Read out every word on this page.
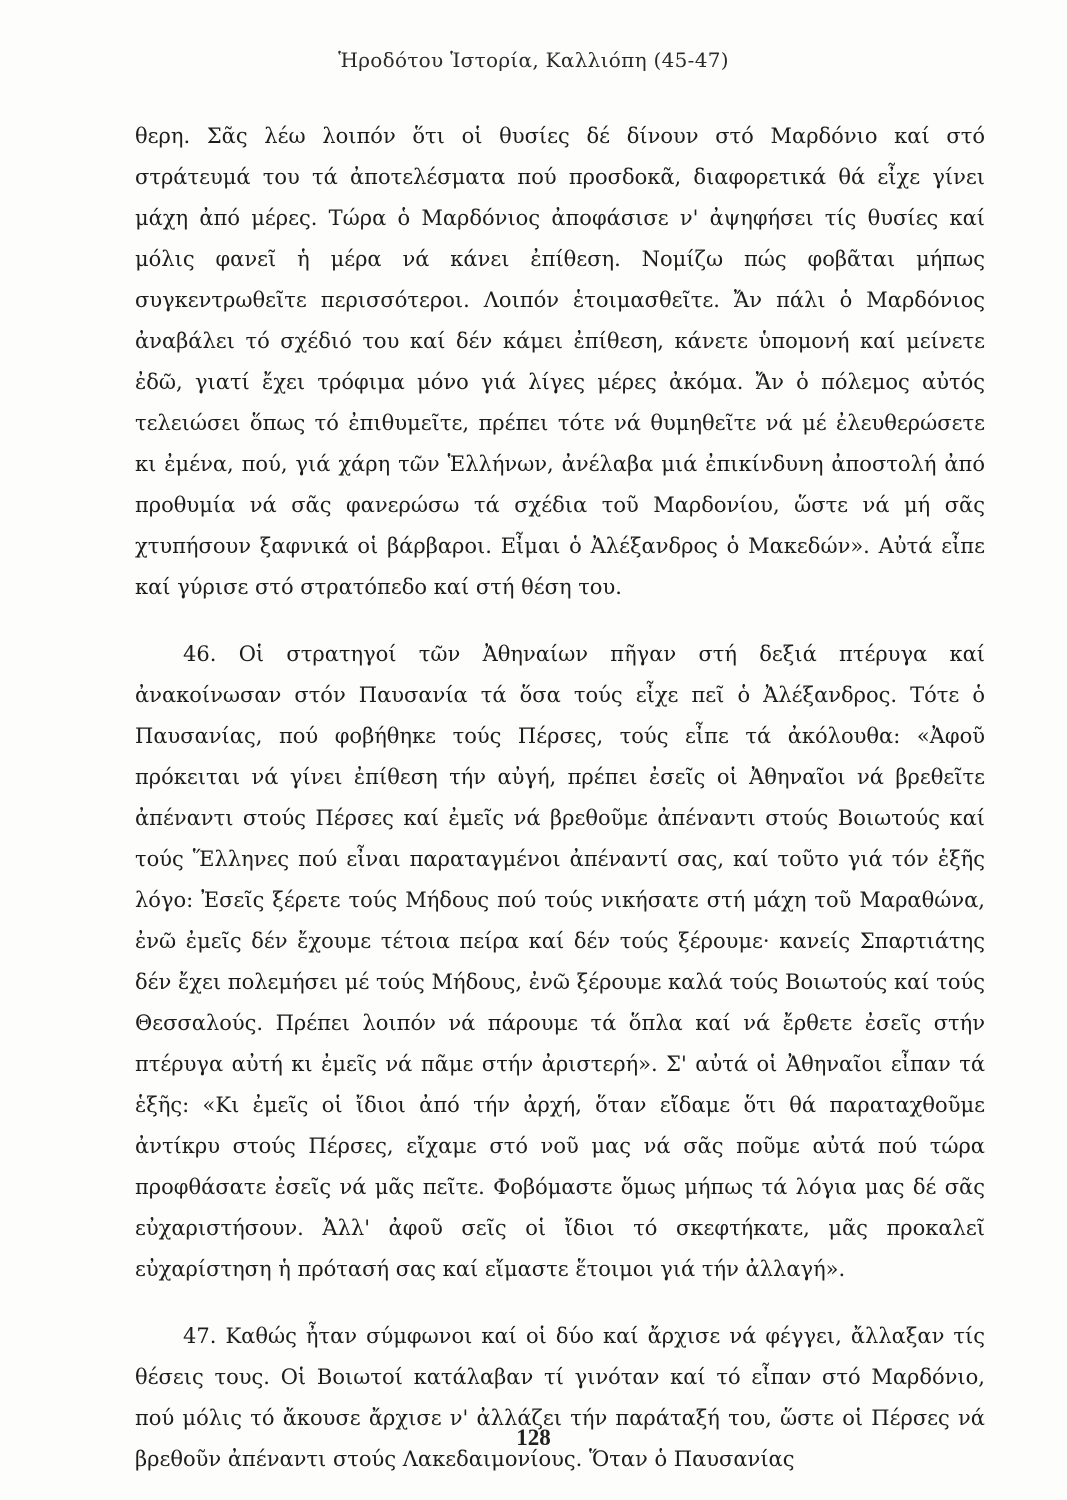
Ἡροδότου Ἱστορία, Καλλιόπη (45-47)

θερη. Σᾶς λέω λοιπόν ὅτι οἱ θυσίες δέ δίνουν στό Μαρδόνιο καί στό στράτευμά του τά ἀποτελέσματα πού προσδοκᾶ, διαφορετικά θά εἶχε γίνει μάχη ἀπό μέρες. Τώρα ὁ Μαρδόνιος ἀποφάσισε ν' ἀψηφήσει τίς θυσίες καί μόλις φανεῖ ἡ μέρα νά κάνει ἐπίθεση. Νομίζω πώς φοβᾶται μήπως συγκεντρωθεῖτε περισσότεροι. Λοιπόν ἑτοιμασθεῖτε. Ἄν πάλι ὁ Μαρδόνιος ἀναβάλει τό σχέδιό του καί δέν κάμει ἐπίθεση, κάνετε ὑπομονή καί μείνετε ἐδῶ, γιατί ἔχει τρόφιμα μόνο γιά λίγες μέρες ἀκόμα. Ἄν ὁ πόλεμος αὐτός τελειώσει ὅπως τό ἐπιθυμεῖτε, πρέπει τότε νά θυμηθεῖτε νά μέ ἐλευθερώσετε κι ἐμένα, πού, γιά χάρη τῶν Ἑλλήνων, ἀνέλαβα μιά ἐπικίνδυνη ἀποστολή ἀπό προθυμία νά σᾶς φανερώσω τά σχέδια τοῦ Μαρδονίου, ὥστε νά μή σᾶς χτυπήσουν ξαφνικά οἱ βάρβαροι. Εἶμαι ὁ Ἀλέξανδρος ὁ Μακεδών». Αὐτά εἶπε καί γύρισε στό στρατόπεδο καί στή θέση του.

46. Οἱ στρατηγοί τῶν Ἀθηναίων πῆγαν στή δεξιά πτέρυγα καί ἀνακοίνωσαν στόν Παυσανία τά ὅσα τούς εἶχε πεῖ ὁ Ἀλέξανδρος. Τότε ὁ Παυσανίας, πού φοβήθηκε τούς Πέρσες, τούς εἶπε τά ἀκόλουθα: «Ἀφοῦ πρόκειται νά γίνει ἐπίθεση τήν αὐγή, πρέπει ἐσεῖς οἱ Ἀθηναῖοι νά βρεθεῖτε ἀπέναντι στούς Πέρσες καί ἐμεῖς νά βρεθοῦμε ἀπέναντι στούς Βοιωτούς καί τούς Ἕλληνες πού εἶναι παραταγμένοι ἀπέναντί σας, καί τοῦτο γιά τόν ἑξῆς λόγο: Ἐσεῖς ξέρετε τούς Μήδους πού τούς νικήσατε στή μάχη τοῦ Μαραθώνα, ἐνῶ ἐμεῖς δέν ἔχουμε τέτοια πείρα καί δέν τούς ξέρουμε· κανείς Σπαρτιάτης δέν ἔχει πολεμήσει μέ τούς Μήδους, ἐνῶ ξέρουμε καλά τούς Βοιωτούς καί τούς Θεσσαλούς. Πρέπει λοιπόν νά πάρουμε τά ὅπλα καί νά ἔρθετε ἐσεῖς στήν πτέρυγα αὐτή κι ἐμεῖς νά πᾶμε στήν ἀριστερή». Σ' αὐτά οἱ Ἀθηναῖοι εἶπαν τά ἑξῆς: «Κι ἐμεῖς οἱ ἴδιοι ἀπό τήν ἀρχή, ὅταν εἴδαμε ὅτι θά παραταχθοῦμε ἀντίκρυ στούς Πέρσες, εἴχαμε στό νοῦ μας νά σᾶς ποῦμε αὐτά πού τώρα προφθάσατε ἐσεῖς νά μᾶς πεῖτε. Φοβόμαστε ὅμως μήπως τά λόγια μας δέ σᾶς εὐχαριστήσουν. Ἀλλ' ἀφοῦ σεῖς οἱ ἴδιοι τό σκεφτήκατε, μᾶς προκαλεῖ εὐχαρίστηση ἡ πρότασή σας καί εἴμαστε ἕτοιμοι γιά τήν ἀλλαγή».

47. Καθώς ἦταν σύμφωνοι καί οἱ δύο καί ἄρχισε νά φέγγει, ἄλλαξαν τίς θέσεις τους. Οἱ Βοιωτοί κατάλαβαν τί γινόταν καί τό εἶπαν στό Μαρδόνιο, πού μόλις τό ἄκουσε ἄρχισε ν' ἀλλάζει τήν παράταξή του, ὥστε οἱ Πέρσες νά βρεθοῦν ἀπέναντι στούς Λακεδαιμονίους. Ὅταν ὁ Παυσανίας

128
